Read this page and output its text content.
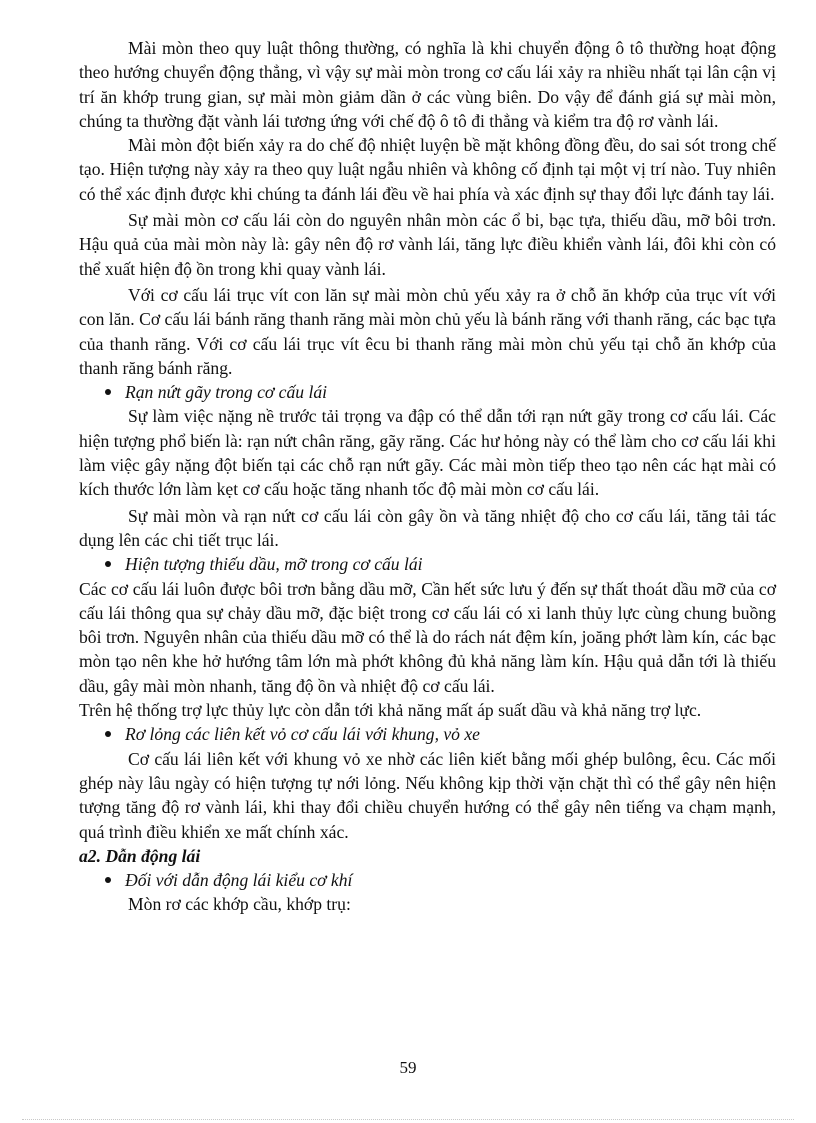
Mài mòn theo quy luật thông thường, có nghĩa là khi chuyển động ô tô thường hoạt động theo hướng chuyển động thẳng, vì vậy sự mài mòn trong cơ cấu lái xảy ra nhiều nhất tại lân cận vị trí ăn khớp trung gian, sự mài mòn giảm dần ở các vùng biên. Do vậy để đánh giá sự mài mòn, chúng ta thường đặt vành lái tương ứng với chế độ ô tô đi thẳng và kiểm tra độ rơ vành lái.

Mài mòn đột biến xảy ra do chế độ nhiệt luyện bề mặt không đồng đều, do sai sót trong chế tạo. Hiện tượng này xảy ra theo quy luật ngẫu nhiên và không cố định tại một vị trí nào. Tuy nhiên có thể xác định được khi chúng ta đánh lái đều về hai phía và xác định sự thay đổi lực đánh tay lái.

Sự mài mòn cơ cấu lái còn do nguyên nhân mòn các ổ bi, bạc tựa, thiếu dầu, mỡ bôi trơn. Hậu quả của mài mòn này là: gây nên độ rơ vành lái, tăng lực điều khiển vành lái, đôi khi còn có thể xuất hiện độ ồn trong khi quay vành lái.

Với cơ cấu lái trục vít con lăn sự mài mòn chủ yếu xảy ra ở chỗ ăn khớp của trục vít với con lăn. Cơ cấu lái bánh răng thanh răng mài mòn chủ yếu là bánh răng với thanh răng, các bạc tựa của thanh răng. Với cơ cấu lái trục vít êcu bi thanh răng mài mòn chủ yếu tại chỗ ăn khớp của thanh răng bánh răng.

Rạn nứt gãy trong cơ cấu lái

Sự làm việc nặng nề trước tải trọng va đập có thể dẫn tới rạn nứt gãy trong cơ cấu lái. Các hiện tượng phổ biến là: rạn nứt chân răng, gãy răng. Các hư hỏng này có thể làm cho cơ cấu lái khi làm việc gây nặng đột biến tại các chỗ rạn nứt gãy. Các mài mòn tiếp theo tạo nên các hạt mài có kích thước lớn làm kẹt cơ cấu hoặc tăng nhanh tốc độ mài mòn cơ cấu lái.

Sự mài mòn và rạn nứt cơ cấu lái còn gây ồn và tăng nhiệt độ cho cơ cấu lái, tăng tải tác dụng lên các chi tiết trục lái.

Hiện tượng thiếu dầu, mỡ trong cơ cấu lái

Các cơ cấu lái luôn được bôi trơn bằng dầu mỡ, Cần hết sức lưu ý đến sự thất thoát dầu mỡ của cơ cấu lái thông qua sự chảy dầu mỡ, đặc biệt trong cơ cấu lái có xi lanh thủy lực cùng chung buồng bôi trơn. Nguyên nhân của thiếu dầu mỡ có thể là do rách nát đệm kín, joăng phớt làm kín, các bạc mòn tạo nên khe hở hướng tâm lớn mà phớt không đủ khả năng làm kín. Hậu quả dẫn tới là thiếu dầu, gây mài mòn nhanh, tăng độ ồn và nhiệt độ cơ cấu lái.

Trên hệ thống trợ lực thủy lực còn dẫn tới khả năng mất áp suất dầu và khả năng trợ lực.

Rơ lỏng các liên kết vỏ cơ cấu lái với khung, vỏ xe

Cơ cấu lái liên kết với khung vỏ xe nhờ các liên kiết bằng mối ghép bulông, êcu. Các mối ghép này lâu ngày có hiện tượng tự nới lỏng. Nếu không kịp thời vặn chặt thì có thể gây nên hiện tượng tăng độ rơ vành lái, khi thay đổi chiều chuyển hướng có thể gây nên tiếng va chạm mạnh, quá trình điều khiển xe mất chính xác.

a2. Dẫn động lái

Đối với dẫn động lái kiểu cơ khí

Mòn rơ các khớp cầu, khớp trụ:

59
